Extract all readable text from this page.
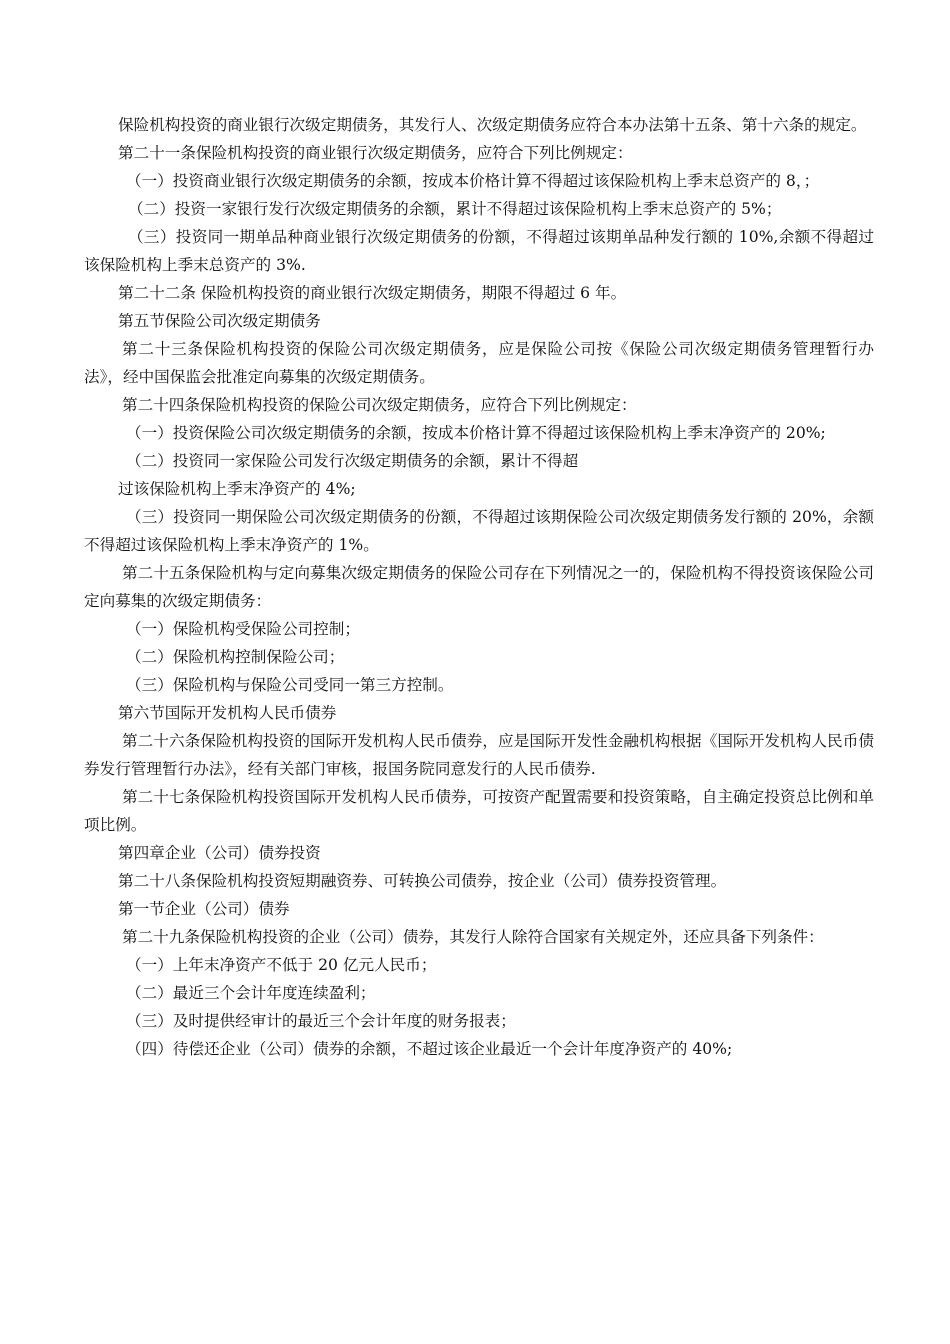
保险机构投资的商业银行次级定期债务，其发行人、次级定期债务应符合本办法第十五条、第十六条的规定。

第二十一条保险机构投资的商业银行次级定期债务，应符合下列比例规定：

（一）投资商业银行次级定期债务的余额，按成本价格计算不得超过该保险机构上季末总资产的 8，；

（二）投资一家银行发行次级定期债务的余额，累计不得超过该保险机构上季末总资产的 5%；

（三）投资同一期单品种商业银行次级定期债务的份额，不得超过该期单品种发行额的 10%,余额不得超过该保险机构上季末总资产的 3%.

第二十二条 保险机构投资的商业银行次级定期债务，期限不得超过 6 年。

第五节保险公司次级定期债务

第二十三条保险机构投资的保险公司次级定期债务，应是保险公司按《保险公司次级定期债务管理暂行办法》，经中国保监会批准定向募集的次级定期债务。

第二十四条保险机构投资的保险公司次级定期债务，应符合下列比例规定：

（一）投资保险公司次级定期债务的余额，按成本价格计算不得超过该保险机构上季末净资产的 20%;

（二）投资同一家保险公司发行次级定期债务的余额，累计不得超

过该保险机构上季末净资产的 4%;

（三）投资同一期保险公司次级定期债务的份额，不得超过该期保险公司次级定期债务发行额的 20%，余额不得超过该保险机构上季末净资产的 1%。

第二十五条保险机构与定向募集次级定期债务的保险公司存在下列情况之一的，保险机构不得投资该保险公司定向募集的次级定期债务：

（一）保险机构受保险公司控制；

（二）保险机构控制保险公司；

（三）保险机构与保险公司受同一第三方控制。

第六节国际开发机构人民币债券

第二十六条保险机构投资的国际开发机构人民币债券，应是国际开发性金融机构根据《国际开发机构人民币债券发行管理暂行办法》，经有关部门审核，报国务院同意发行的人民币债券.

第二十七条保险机构投资国际开发机构人民币债券，可按资产配置需要和投资策略，自主确定投资总比例和单项比例。

第四章企业（公司）债券投资

第二十八条保险机构投资短期融资券、可转换公司债券，按企业（公司）债券投资管理。

第一节企业（公司）债券

第二十九条保险机构投资的企业（公司）债券，其发行人除符合国家有关规定外，还应具备下列条件：

（一）上年末净资产不低于 20 亿元人民币；

（二）最近三个会计年度连续盈利；

（三）及时提供经审计的最近三个会计年度的财务报表；

（四）待偿还企业（公司）债券的余额，不超过该企业最近一个会计年度净资产的 40%;
